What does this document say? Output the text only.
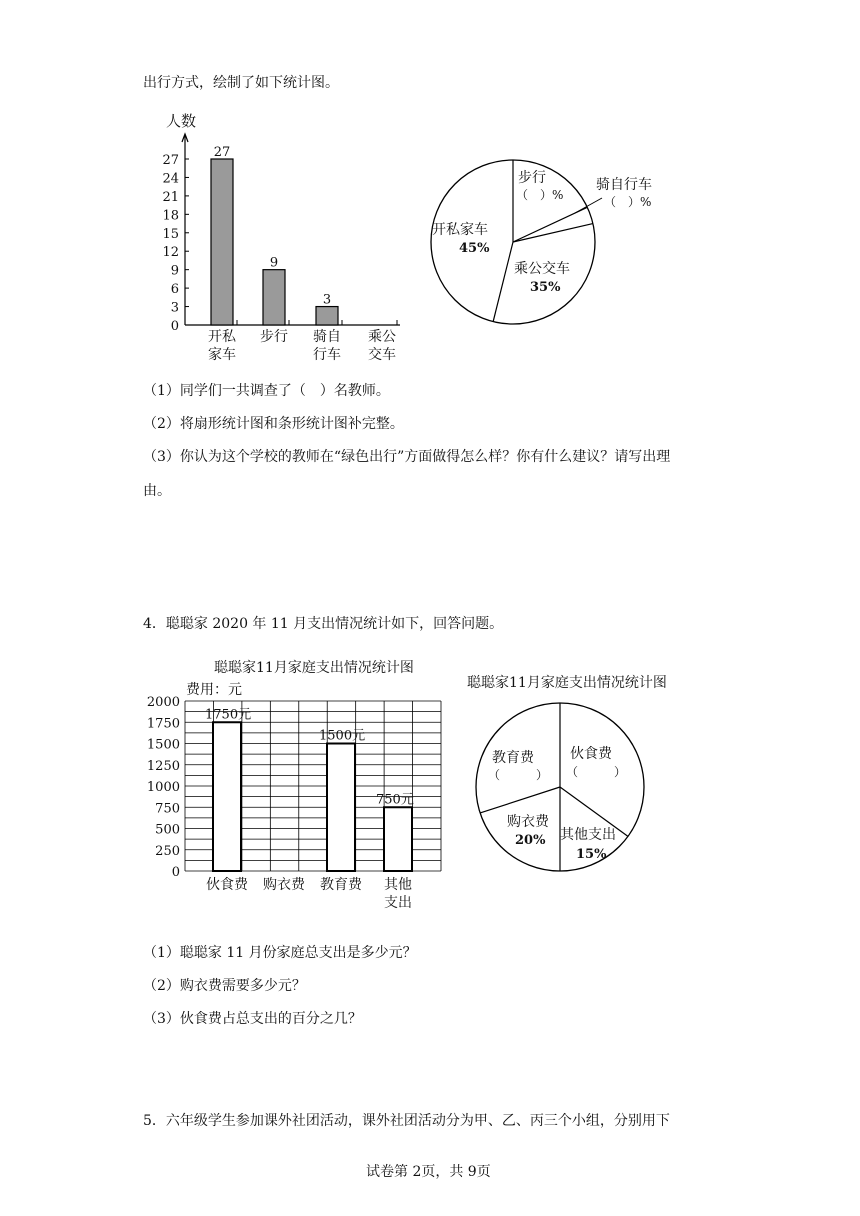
出行方式，绘制了如下统计图。
人数
0
3
6
9
12
15
18
21
24
27
开私
家车
27
步行
9
骑自
行车
3
乘公
交车
步行
（　）%
骑自行车
（　）%
开私家车
45%
乘公交车
35%
聪聪家11月家庭支出情况统计图
费用：元
0
250
500
750
1000
1250
1500
1750
2000
伙食费
1750元
购衣费 教育费
1500元
其他
支出
750元
聪聪家11月家庭支出情况统计图
教育费
（　　　）
伙食费
（　　　）
购衣费
20% 其他支出
15%
（1）同学们一共调查了（　）名教师。
（2）将扇形统计图和条形统计图补完整。
（3）你认为这个学校的教师在“绿色出行”方面做得怎么样？你有什么建议？请写出理
由。
4．聪聪家 2020 年 11 月支出情况统计如下，回答问题。
（1）聪聪家 11 月份家庭总支出是多少元？
（2）购衣费需要多少元？
（3）伙食费占总支出的百分之几？
5．六年级学生参加课外社团活动，课外社团活动分为甲、乙、丙三个小组，分别用下
试卷第 2页，共 9页
